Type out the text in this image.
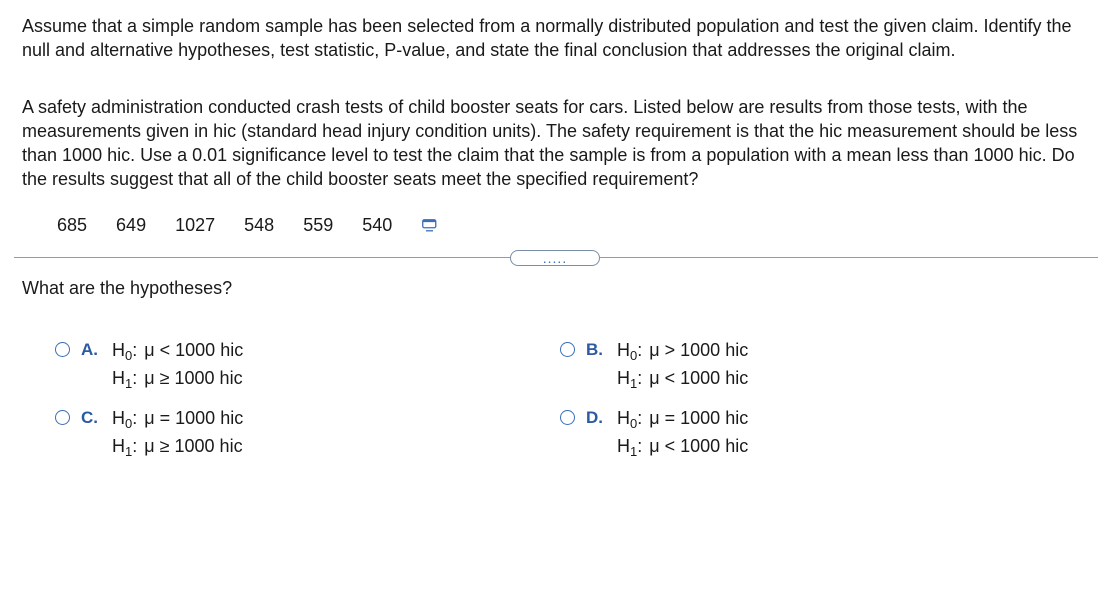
Assume that a simple random sample has been selected from a normally distributed population and test the given claim. Identify the null and alternative hypotheses, test statistic, P-value, and state the final conclusion that addresses the original claim.

A safety administration conducted crash tests of child booster seats for cars. Listed below are results from those tests, with the measurements given in hic (standard head injury condition units). The safety requirement is that the hic measurement should be less than 1000 hic. Use a 0.01 significance level to test the claim that the sample is from a population with a mean less than 1000 hic. Do the results suggest that all of the child booster seats meet the specified requirement?

685 649 1027 548 559 540
.....

What are the hypotheses?

A. $H_0$: μ < 1000 hic
$H_1$: μ ≥ 1000 hic
B. $H_0$: μ > 1000 hic
$H_1$: μ < 1000 hic
C. $H_0$: μ = 1000 hic
$H_1$: μ ≥ 1000 hic
D. $H_0$: μ = 1000 hic
$H_1$: μ < 1000 hic
